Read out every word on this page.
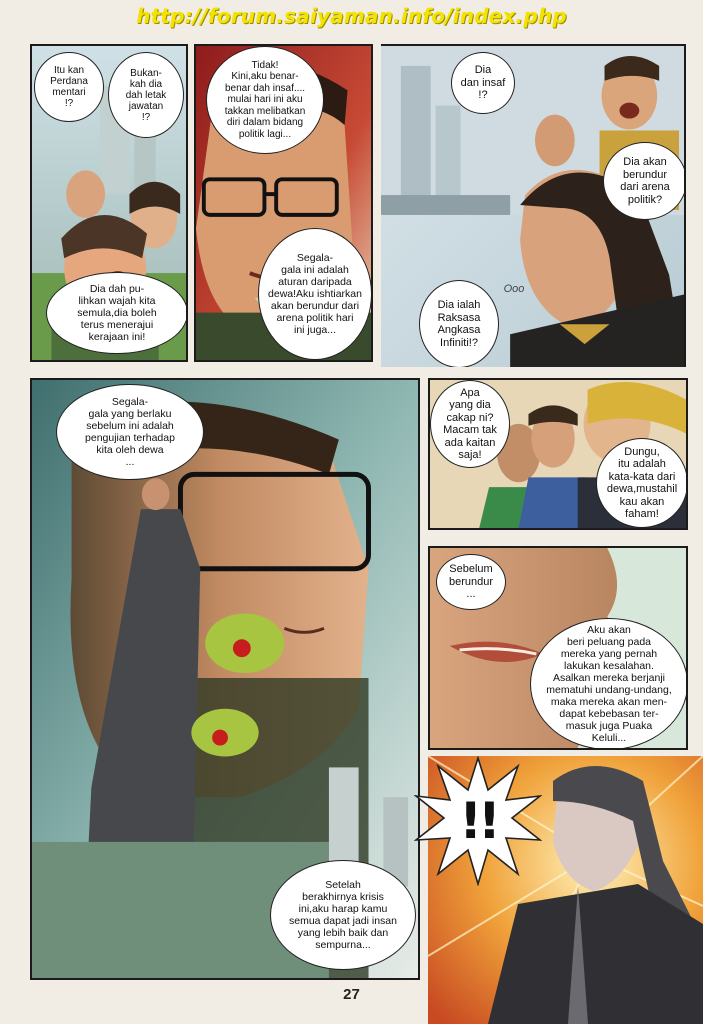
http://forum.saiyaman.info/index.php
Itu kan
Perdana
mentari
!?
Bukan-
kah dia
dah letak
jawatan
!?
Dia dah pu-
lihkan wajah kita
semula,dia boleh
terus menerajui
kerajaan ini!
Tidak!
Kini,aku benar-
benar dah insaf....
mulai hari ini aku
takkan melibatkan
diri dalam bidang
politik lagi...
Segala-
gala ini adalah
aturan daripada
dewa!Aku ishtiarkan
akan berundur dari
arena politik hari
ini juga...
Dia
dan insaf
!?
Dia akan
berundur
dari arena
politik?
Dia ialah
Raksasa
Angkasa
Infiniti!?
Ooo
Segala-
gala yang berlaku
sebelum ini adalah
pengujian terhadap
kita oleh dewa
...
Setelah
berakhirnya krisis
ini,aku harap kamu
semua dapat jadi insan
yang lebih baik dan
sempurna...
Apa
yang dia
cakap ni?
Macam tak
ada kaitan
saja!	Dungu,
itu adalah
kata-kata dari
dewa,mustahil
kau akan
faham!
Sebelum
berundur
...
Aku akan
beri peluang pada
mereka yang pernah
lakukan kesalahan.
Asalkan mereka berjanji
mematuhi undang-undang,
maka mereka akan men-
dapat kebebasan ter-
masuk juga Puaka
Keluli...
!!
27
